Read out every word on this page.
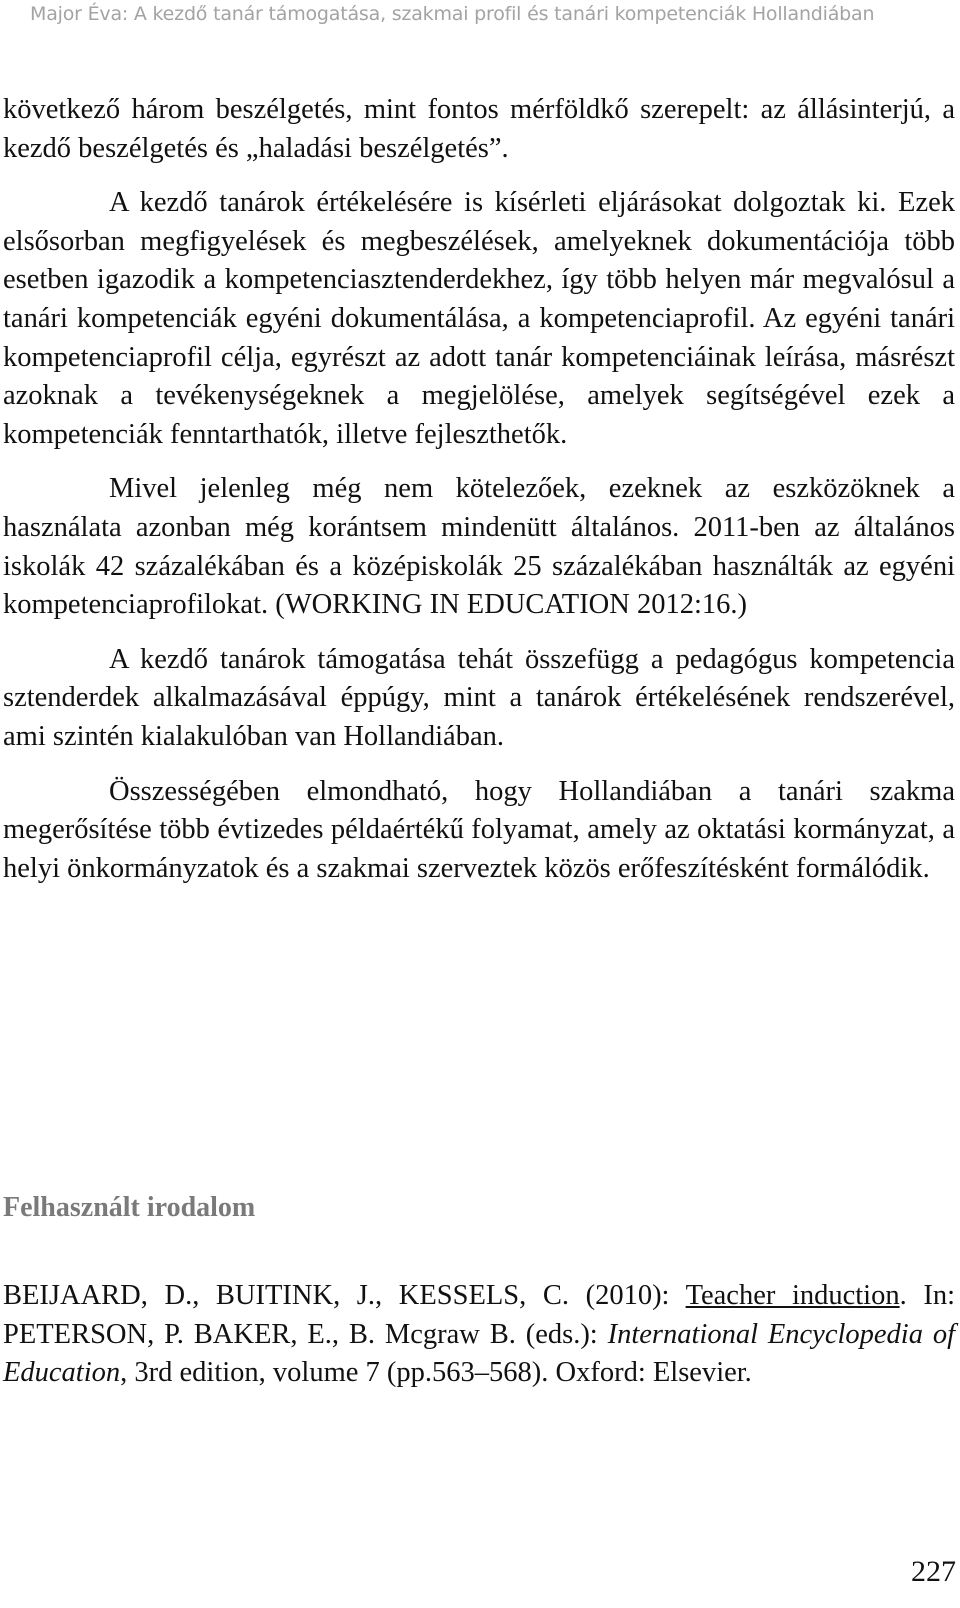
Major Éva: A kezdő tanár támogatása, szakmai profil és tanári kompetenciák Hollandiában

következő három beszélgetés, mint fontos mérföldkő szerepelt: az állásinterjú, a kezdő beszélgetés és „haladási beszélgetés”.

A kezdő tanárok értékelésére is kísérleti eljárásokat dolgoztak ki. Ezek elsősorban megfigyelések és megbeszélések, amelyeknek dokumentációja több esetben igazodik a kompetenciasztenderdekhez, így több helyen már megvalósul a tanári kompetenciák egyéni dokumentálása, a kompetenciaprofil. Az egyéni tanári kompetenciaprofil célja, egyrészt az adott tanár kompetenciáinak leírása, másrészt azoknak a tevékenységeknek a megjelölése, amelyek segítségével ezek a kompetenciák fenntarthatók, illetve fejleszthetők.

Mivel jelenleg még nem kötelezőek, ezeknek az eszközöknek a használata azonban még korántsem mindenütt általános. 2011-ben az általános iskolák 42 százalékában és a középiskolák 25 százalékában használták az egyéni kompetenciaprofilokat. (WORKING IN EDUCATION 2012:16.)

A kezdő tanárok támogatása tehát összefügg a pedagógus kompetencia sztenderdek alkalmazásával éppúgy, mint a tanárok értékelésének rendszerével, ami szintén kialakulóban van Hollandiában.

Összességében elmondható, hogy Hollandiában a tanári szakma megerősítése több évtizedes példaértékű folyamat, amely az oktatási kormányzat, a helyi önkormányzatok és a szakmai szerveztek közös erőfeszítésként formálódik.

Felhasznált irodalom

BEIJAARD, D., BUITINK, J., KESSELS, C. (2010): Teacher induction. In: PETERSON, P. BAKER, E., B. Mcgraw B. (eds.): International Encyclopedia of Education, 3rd edition, volume 7 (pp.563–568). Oxford: Elsevier.

227
